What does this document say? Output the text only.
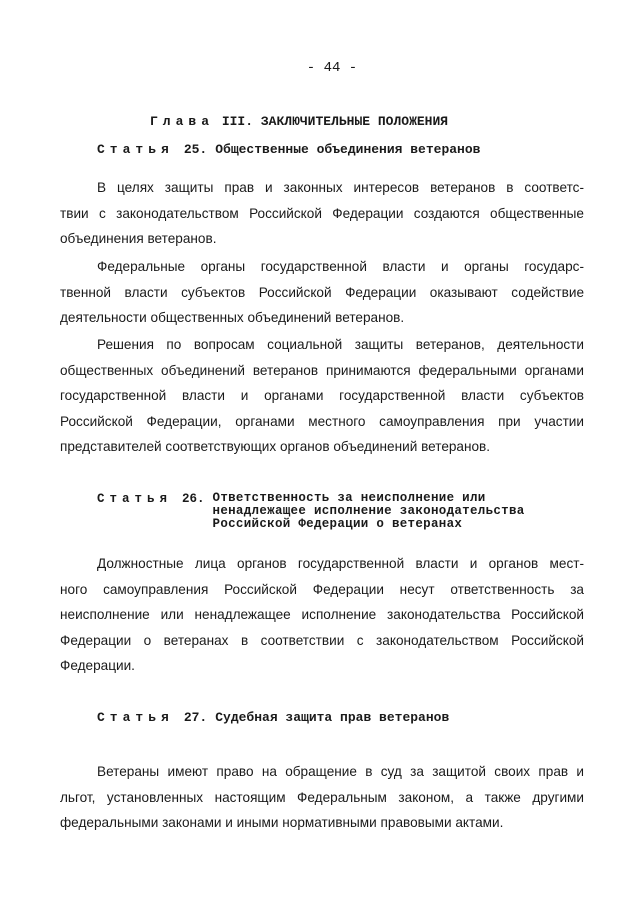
- 44 -
Глава III. ЗАКЛЮЧИТЕЛЬНЫЕ ПОЛОЖЕНИЯ
Статья 25. Общественные объединения ветеранов
В целях защиты прав и законных интересов ветеранов в соответс-
твии с законодательством Российской Федерации создаются общественные
объединения ветеранов.
Федеральные органы государственной власти и органы государс-
твенной власти субъектов Российской Федерации оказывают содействие
деятельности общественных объединений ветеранов.
Решения по вопросам социальной защиты ветеранов, деятельности
общественных объединений ветеранов принимаются федеральными органами
государственной власти и органами государственной власти субъектов
Российской Федерации, органами местного самоуправления при участии
представителей соответствующих органов объединений ветеранов.
Статья 26. Ответственность за неисполнение или
ненадлежащее исполнение законодательства
Российской Федерации о ветеранах
Должностные лица органов государственной власти и органов мест-
ного самоуправления Российской Федерации несут ответственность за
неисполнение или ненадлежащее исполнение законодательства Российской
Федерации о ветеранах в соответствии с законодательством Российской
Федерации.
Статья 27. Судебная защита прав ветеранов
Ветераны имеют право на обращение в суд за защитой своих прав и
льгот, установленных настоящим Федеральным законом, а также другими
федеральными законами и иными нормативными правовыми актами.
